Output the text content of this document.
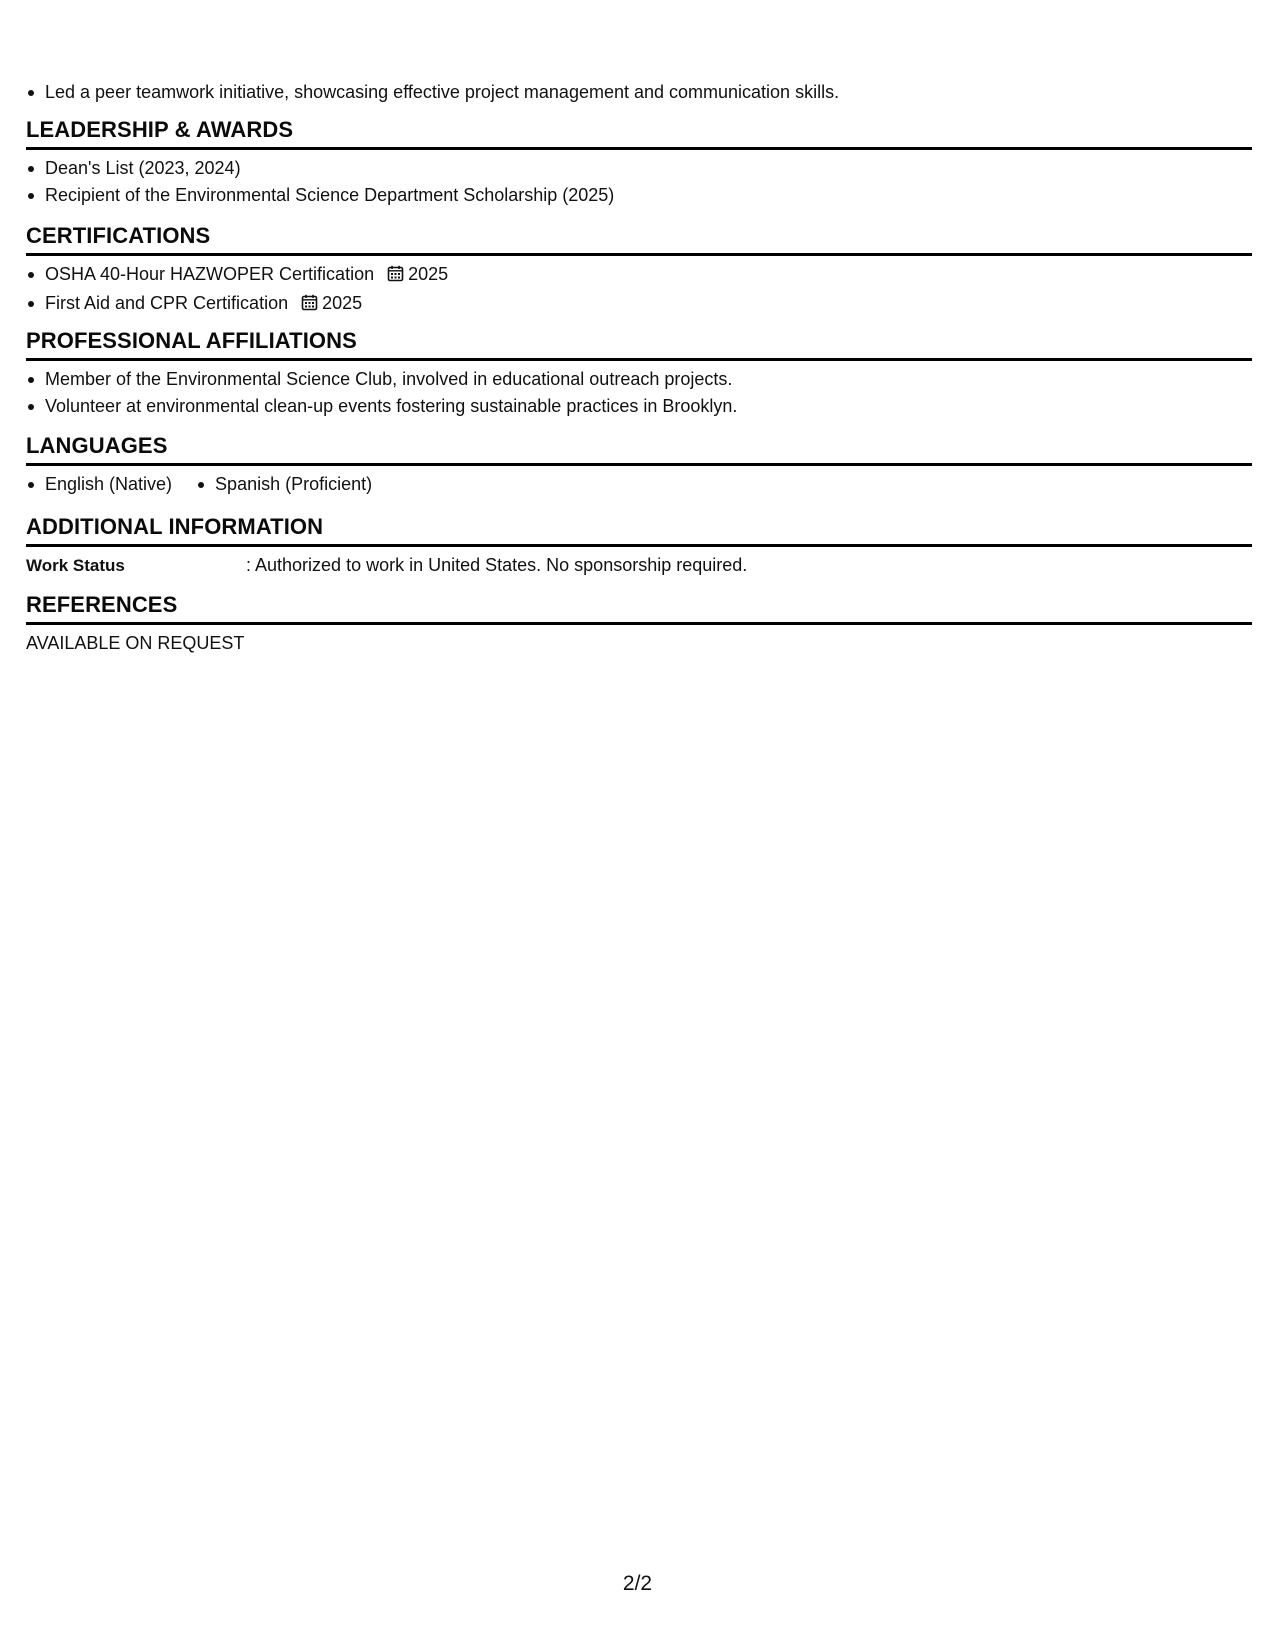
Led a peer teamwork initiative, showcasing effective project management and communication skills.
LEADERSHIP & AWARDS
Dean's List (2023, 2024)
Recipient of the Environmental Science Department Scholarship (2025)
CERTIFICATIONS
OSHA 40-Hour HAZWOPER Certification 2025
First Aid and CPR Certification 2025
PROFESSIONAL AFFILIATIONS
Member of the Environmental Science Club, involved in educational outreach projects.
Volunteer at environmental clean-up events fostering sustainable practices in Brooklyn.
LANGUAGES
English (Native)	Spanish (Proficient)
ADDITIONAL INFORMATION
Work Status	: Authorized to work in United States. No sponsorship required.
REFERENCES
AVAILABLE ON REQUEST
2/2
